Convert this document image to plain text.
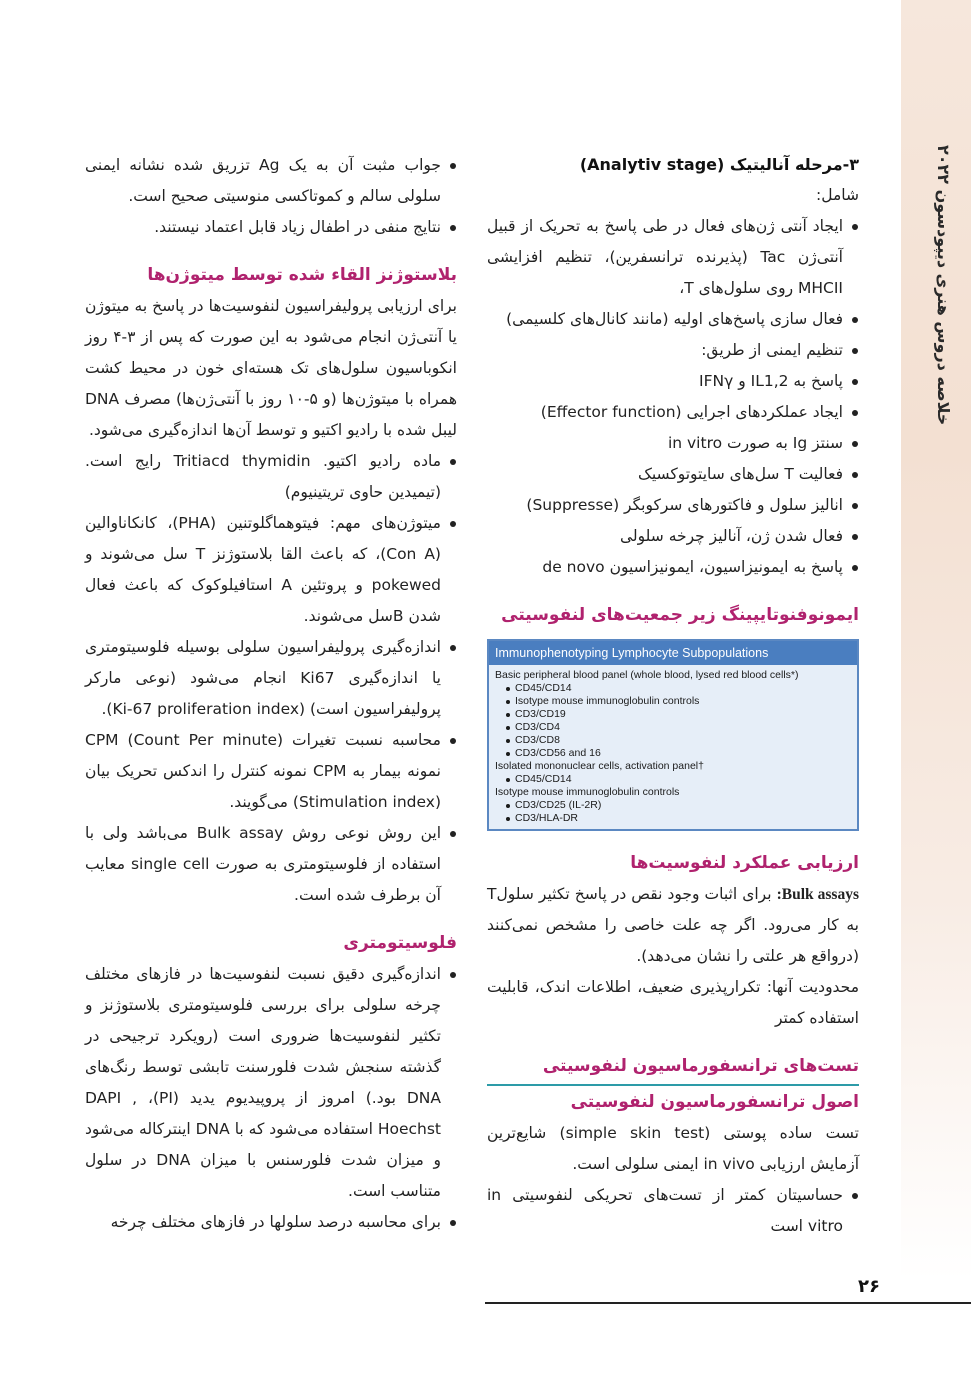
خلاصه دروس هنری دیپودسون ۲۰۲۲

۳-مرحله آنالیتیک (Analytiv stage)

شامل:

ایجاد آنتی ژن‌های فعال در طی پاسخ به تحریک از قبیل آنتی‌ژن Tac (پذیرنده ترانسفرین)، تنظیم افزایشی MHCII روی سلول‌های T،
فعال سازی پاسخ‌های اولیه (مانند کانال‌های کلسیمی)
تنظیم ایمنی از طریق:
پاسخ به IL1,2 و IFNγ
ایجاد عملکردهای اجرایی (Effector function)
سنتز Ig به صورت in vitro
فعالیت T سل‌های سایتوتوکسیک
انالیز سلول و فاکتورهای سرکوبگر (Suppresse)
فعال شدن ژن، آنالیز چرخه سلولی
پاسخ به ایمونیزاسیون، ایمونیزاسیون de novo

ایمونوفنوتایپینگ زیر جمعیت‌های لنفوسیتی

Immunophenotyping Lymphocyte Subpopulations
Basic peripheral blood panel (whole blood, lysed red blood cells*)
CD45/CD14
Isotype mouse immunoglobulin controls
CD3/CD19
CD3/CD4
CD3/CD8
CD3/CD56 and 16
Isolated mononuclear cells, activation panel†
CD45/CD14
Isotype mouse immunoglobulin controls
CD3/CD25 (IL-2R)
CD3/HLA-DR

ارزیابی عملکرد لنفوسیت‌ها

Bulk assays: برای اثبات وجود نقص در پاسخ تکثیر سلولT به کار می‌رود. اگر چه علت خاصی را مشخص نمی‌کنند (درواقع هر علتی را نشان می‌دهد).

محدودیت آنها: تکرارپذیری ضعیف، اطلاعات اندک، قابلیت استفاده کمتر

تست‌های ترانسفورماسیون لنفوسیتی

اصول ترانسفورماسیون لنفوسیتی

تست ساده پوستی (simple skin test) شایع‌ترین آزمایش ارزیابی in vivo ایمنی سلولی است.

حساسیتان کمتر از تست‌های تحریکی لنفوسیتی in vitro است
جواب مثبت آن به یک Ag تزریق شده نشانه ایمنی سلولی سالم و کموتاکسی منوسیتی صحیح است.
نتایج منفی در اطفال زیاد قابل اعتماد نیستند.

بلاستوژنز القاء شده توسط میتوژن‌ها

برای ارزیابی پرولیفراسیون لنفوسیت‌ها در پاسخ به میتوژن یا آنتی‌ژن انجام می‌شود به این صورت که پس از ۳-۴ روز انکوباسیون سلول‌های تک هسته‌ای خون در محیط کشت همراه با میتوژن‌ها (و ۵-۱۰ روز با آنتی‌ژن‌ها) مصرف DNA لیبل شده با رادیو اکتیو و توسط آن‌ها اندازه‌گیری می‌شود.

ماده رادیو اکتیو. Tritiacd thymidin رایج است. (تیمیدین حاوی تریتینیوم)
میتوژن‌های مهم: فیتوهماگلوتنین (PHA)، کانکاناوالین (Con A)، که باعث القا بلاستوژنز T سل می‌شوند و pokewed و پروتئین A استافیلوکوک که باعث فعال شدن Bسل می‌شوند.
اندازه‌گیری پرولیفراسیون سلولی بوسیله فلوسیتومتری یا اندازه‌گیری Ki67 انجام می‌شود (نوعی مارکر پرولیفراسیون است) (Ki-67 proliferation index).
محاسبه نسبت تغیرات CPM (Count Per minute) نمونه بیمار به CPM نمونه کنترل را اندکس تحریک بیان (Stimulation index) می‌گویند.
این روش نوعی روش Bulk assay می‌باشد ولی با استفاده از فلوسیتومتری به صورت single cell معایب آن برطرف شده است.

فلوسیتومتری

اندازه‌گیری دقیق نسبت لنفوسیت‌ها در فازهای مختلف چرخه سلولی برای بررسی فلوسیتومتری بلاستوژنز و تکثیر لنفوسیت‌ها ضروری است (رویکرد ترجیحی در گذشته سنجش شدت فلورسنت تابشی توسط رنگ‌های DNA بود.) امروز از پروپیدیوم یدید (PI)، DAPI , Hoechst استفاده می‌شود که با DNA اینترکاله می‌شود و میزان شدت فلورسنس با میزان DNA در سلول متناسب است.
برای محاسبه درصد سلولها در فازهای مختلف چرخه
۲۶
